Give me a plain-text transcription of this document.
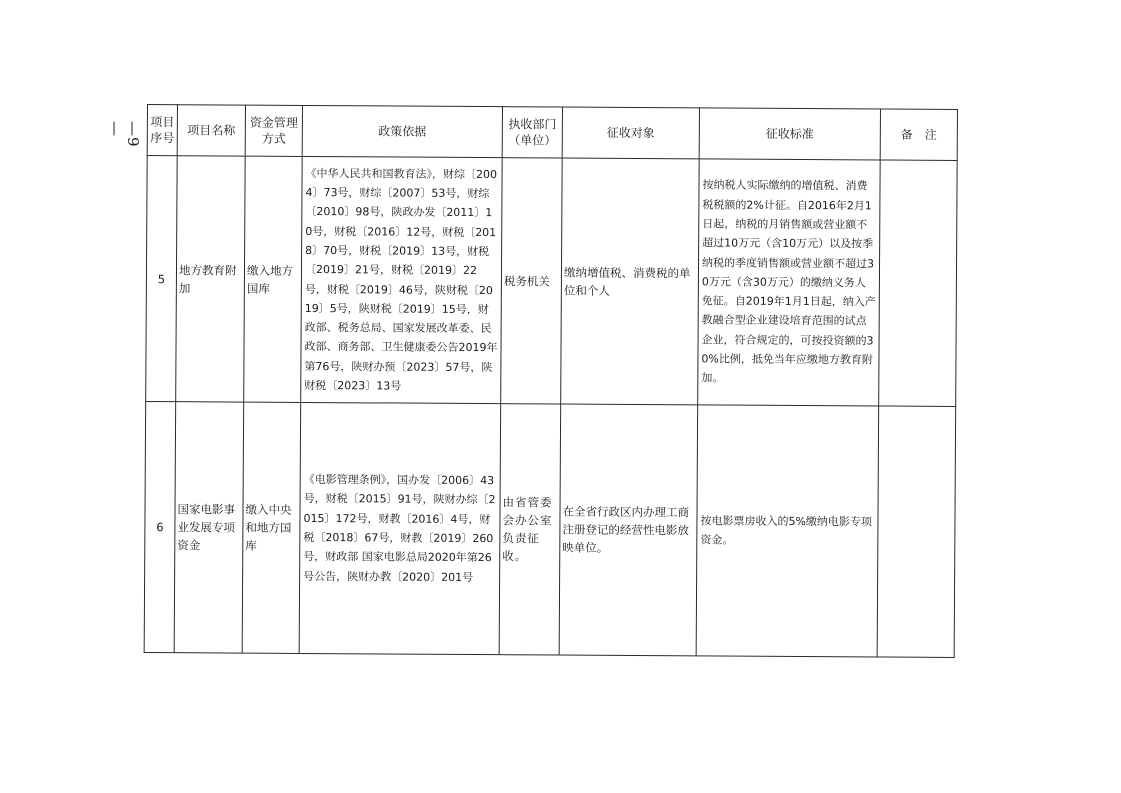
—9—	项目序号	项目名称	资金管理方式	政策依据	执收部门（单位）	征收对象	征收标准	备　注
5	地方教育附加	缴入地方国库	《中华人民共和国教育法》，财综〔2004〕73号，财综〔2007〕53号，财综〔2010〕98号，陕政办发〔2011〕10号，财税〔2016〕12号，财税〔2018〕70号，财税〔2019〕13号，财税〔2019〕21号，财税〔2019〕22号，财税〔2019〕46号，陕财税〔2019〕5号，陕财税〔2019〕15号，财政部、税务总局、国家发展改革委、民政部、商务部、卫生健康委公告2019年第76号，陕财办预〔2023〕57号，陕财税〔2023〕13号	税务机关	缴纳增值税、消费税的单位和个人	按纳税人实际缴纳的增值税、消费税税额的2%计征。自2016年2月1日起，纳税的月销售额或营业额不超过10万元（含10万元）以及按季纳税的季度销售额或营业额不超过30万元（含30万元）的缴纳义务人免征。自2019年1月1日起，纳入产教融合型企业建设培育范围的试点企业，符合规定的，可按投资额的30%比例，抵免当年应缴地方教育附加。	
6	国家电影事业发展专项资金	缴入中央和地方国库	《电影管理条例》，国办发〔2006〕43号，财税〔2015〕91号，陕财办综〔2015〕172号，财教〔2016〕4号，财税〔2018〕67号，财教〔2019〕260号，财政部 国家电影总局2020年第26号公告，陕财办教〔2020〕201号	由省管委会办公室负责征收。	在全省行政区内办理工商注册登记的经营性电影放映单位。	按电影票房收入的5%缴纳电影专项资金。	
